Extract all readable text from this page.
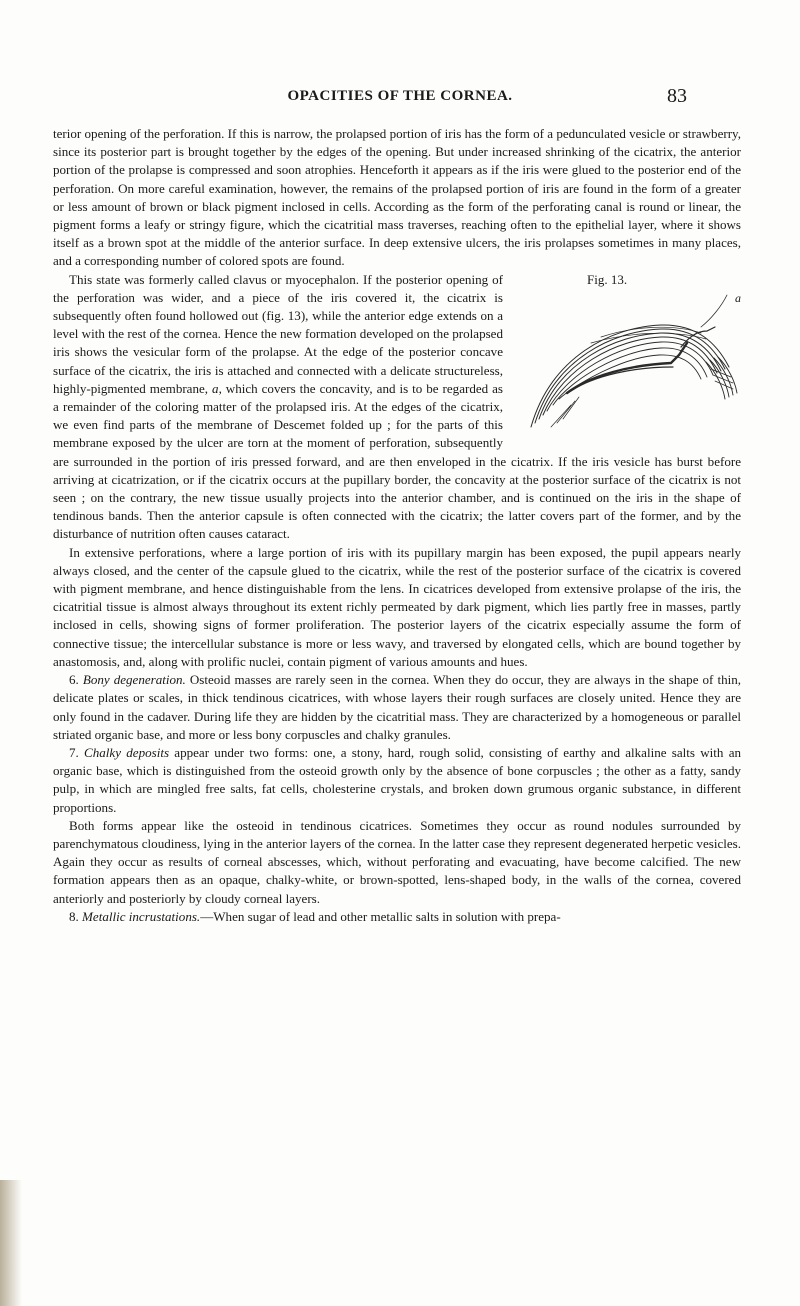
OPACITIES OF THE CORNEA.	83

terior opening of the perforation. If this is narrow, the prolapsed portion of iris has the form of a pedunculated vesicle or strawberry, since its posterior part is brought together by the edges of the opening. But under increased shrinking of the cicatrix, the anterior portion of the prolapse is compressed and soon atrophies. Henceforth it appears as if the iris were glued to the posterior end of the perforation. On more careful examination, however, the remains of the prolapsed portion of iris are found in the form of a greater or less amount of brown or black pigment inclosed in cells. According as the form of the perforating canal is round or linear, the pigment forms a leafy or stringy figure, which the cicatritial mass traverses, reaching often to the epithelial layer, where it shows itself as a brown spot at the middle of the anterior surface. In deep extensive ulcers, the iris prolapses sometimes in many places, and a corresponding number of colored spots are found.

Fig. 13.
a
This state was formerly called clavus or myocephalon. If the posterior opening of the perforation was wider, and a piece of the iris covered it, the cicatrix is subsequently often found hollowed out (fig. 13), while the anterior edge extends on a level with the rest of the cornea. Hence the new formation developed on the prolapsed iris shows the vesicular form of the prolapse. At the edge of the posterior concave surface of the cicatrix, the iris is attached and connected with a delicate structureless, highly-pigmented membrane, a, which covers the concavity, and is to be regarded as a remainder of the coloring matter of the prolapsed iris. At the edges of the cicatrix, we even find parts of the membrane of Descemet folded up ; for the parts of this membrane exposed by the ulcer are torn at the moment of perforation, subsequently are surrounded in the portion of iris pressed forward, and are then enveloped in the cicatrix. If the iris vesicle has burst before arriving at cicatrization, or if the cicatrix occurs at the pupillary border, the concavity at the posterior surface of the cicatrix is not seen ; on the contrary, the new tissue usually projects into the anterior chamber, and is continued on the iris in the shape of tendinous bands. Then the anterior capsule is often connected with the cicatrix; the latter covers part of the former, and by the disturbance of nutrition often causes cataract.

In extensive perforations, where a large portion of iris with its pupillary margin has been exposed, the pupil appears nearly always closed, and the center of the capsule glued to the cicatrix, while the rest of the posterior surface of the cicatrix is covered with pigment membrane, and hence distinguishable from the lens. In cicatrices developed from extensive prolapse of the iris, the cicatritial tissue is almost always throughout its extent richly permeated by dark pigment, which lies partly free in masses, partly inclosed in cells, showing signs of former proliferation. The posterior layers of the cicatrix especially assume the form of connective tissue; the intercellular substance is more or less wavy, and traversed by elongated cells, which are bound together by anastomosis, and, along with prolific nuclei, contain pigment of various amounts and hues.

6. Bony degeneration. Osteoid masses are rarely seen in the cornea. When they do occur, they are always in the shape of thin, delicate plates or scales, in thick tendinous cicatrices, with whose layers their rough surfaces are closely united. Hence they are only found in the cadaver. During life they are hidden by the cicatritial mass. They are characterized by a homogeneous or parallel striated organic base, and more or less bony corpuscles and chalky granules.

7. Chalky deposits appear under two forms: one, a stony, hard, rough solid, consisting of earthy and alkaline salts with an organic base, which is distinguished from the osteoid growth only by the absence of bone corpuscles ; the other as a fatty, sandy pulp, in which are mingled free salts, fat cells, cholesterine crystals, and broken down grumous organic substance, in different proportions.

Both forms appear like the osteoid in tendinous cicatrices. Sometimes they occur as round nodules surrounded by parenchymatous cloudiness, lying in the anterior layers of the cornea. In the latter case they represent degenerated herpetic vesicles. Again they occur as results of corneal abscesses, which, without perforating and evacuating, have become calcified. The new formation appears then as an opaque, chalky-white, or brown-spotted, lens-shaped body, in the walls of the cornea, covered anteriorly and posteriorly by cloudy corneal layers.

8. Metallic incrustations.—When sugar of lead and other metallic salts in solution with prepa-
